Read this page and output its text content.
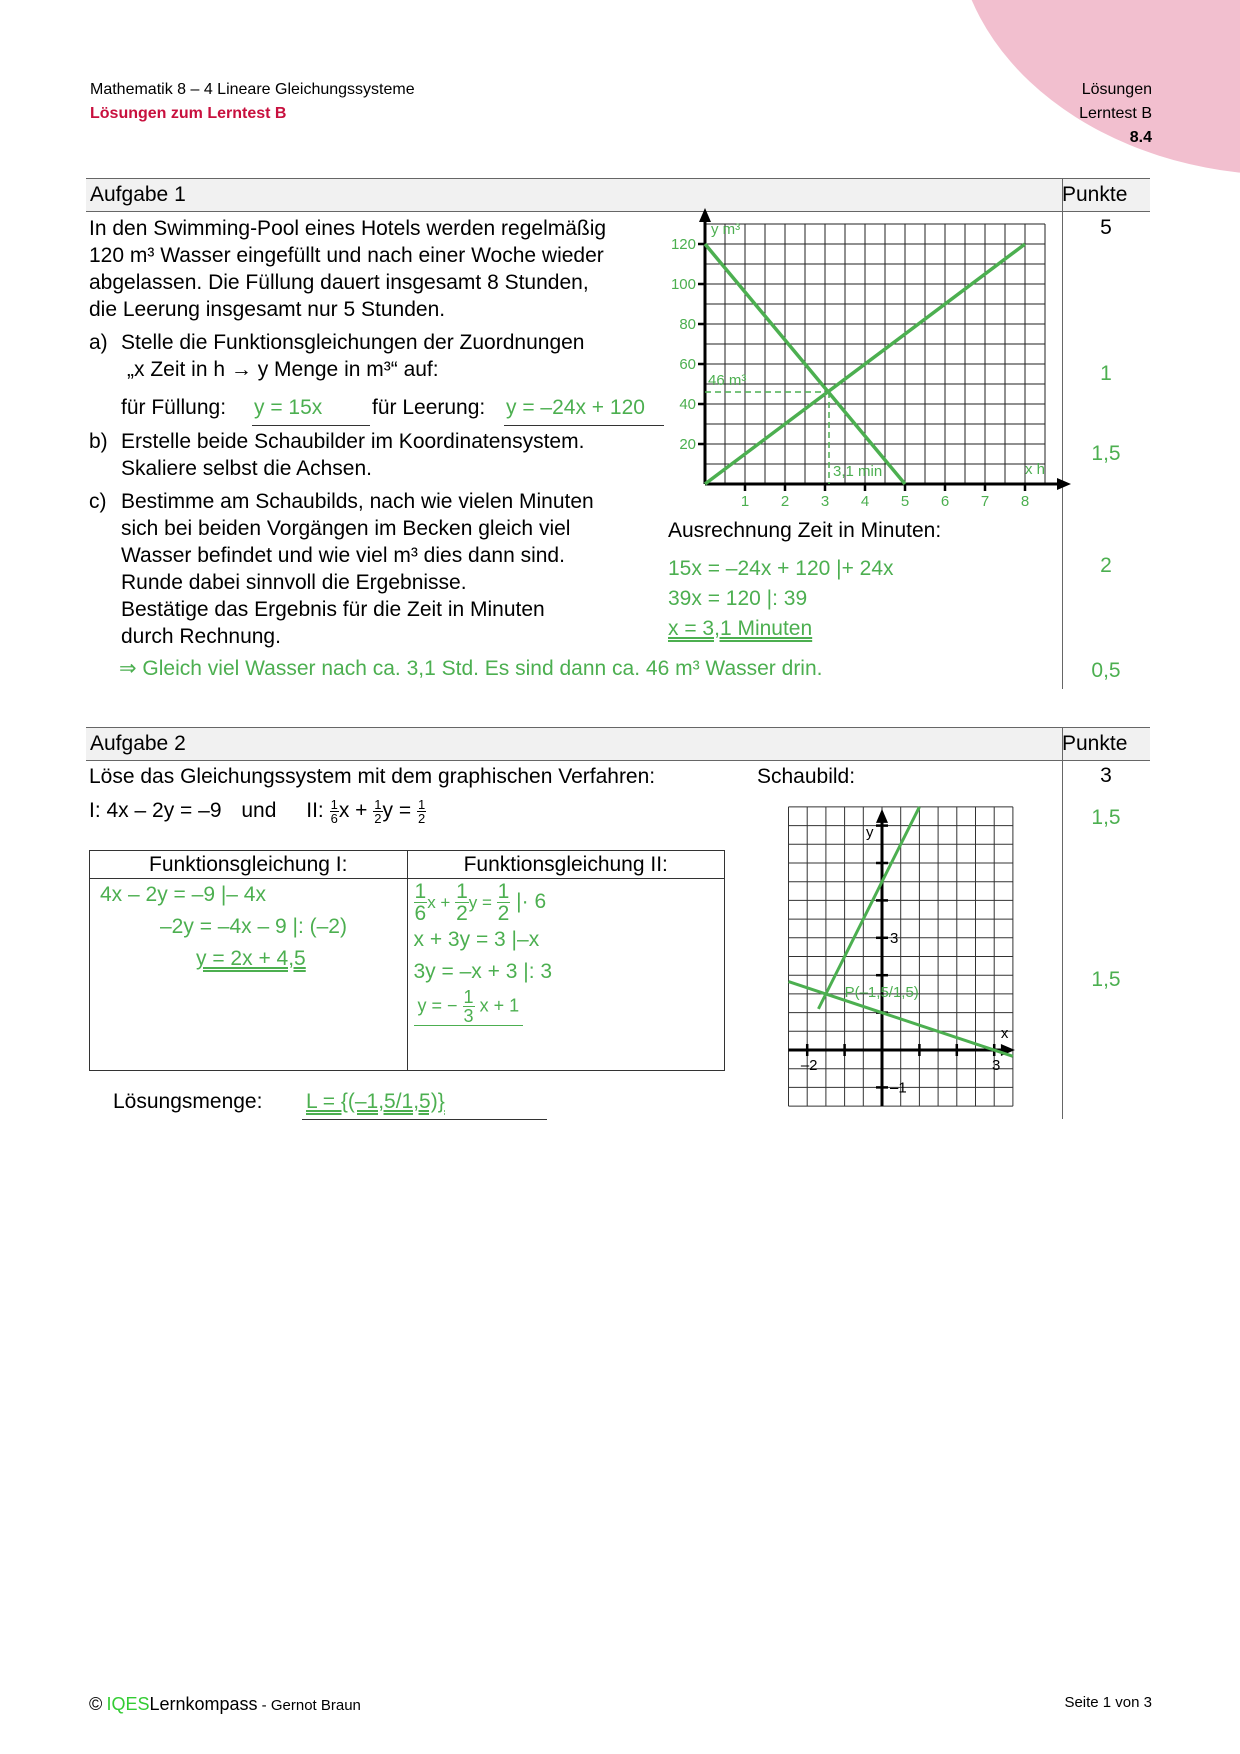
Mathematik 8 – 4 Lineare Gleichungssysteme
Lösungen zum Lerntest B
Lösungen
Lerntest B
8.4
Aufgabe 1	Punkte
In den Swimming-Pool eines Hotels werden regelmäßig
120 m³ Wasser eingefüllt und nach einer Woche wieder
abgelassen. Die Füllung dauert insgesamt 8 Stunden,
die Leerung insgesamt nur 5 Stunden.
a) Stelle die Funktionsgleichungen der Zuordnungen
„x Zeit in h → y Menge in m³“ auf:
für Füllung: y = 15x für Leerung: y = –24x + 120
b) Erstelle beide Schaubilder im Koordinatensystem.
Skaliere selbst die Achsen.
c) Bestimme am Schaubilds, nach wie vielen Minuten
sich bei beiden Vorgängen im Becken gleich viel
Wasser befindet und wie viel m³ dies dann sind.
Runde dabei sinnvoll die Ergebnisse.
Bestätige das Ergebnis für die Zeit in Minuten
durch Rechnung.
1 2 3 4 5 6 7 8
20
40
60
80
100
120
y m³
x h
46 m³
3,1 min
Ausrechnung Zeit in Minuten:
15x = –24x + 120 |+ 24x
39x = 120 |: 39
x = 3,1 Minuten
⇒ Gleich viel Wasser nach ca. 3,1 Std. Es sind dann ca. 46 m³ Wasser drin.
5
1
1,5
2
0,5
Aufgabe 2	Punkte
Löse das Gleichungssystem mit dem graphischen Verfahren:	Schaubild:
I: 4x – 2y = –9 und II: $\frac{1}{6}$ $x + \frac{1}{2}$ $y = \frac{1}{2}$
Funktionsgleichung I:	Funktionsgleichung II:

4x – 2y = –9 |– 4x
–2y = –4x – 9 |: (–2)
y = 2x + 4,5

$\frac{1}{6}$ $x + \frac{1}{2}$ $y = \frac{1}{2}$ |· 6
x + 3y = 3 |–x
3y = –x + 3 |: 3
y = − $\frac{1}{3}$ x + 1
Lösungsmenge: L = {(–1,5/1,5)}
3
1,5
1,5
3
–2
3
–1
y
x
P(–1,5/1,5)
© IQESLernkompass - Gernot Braun	Seite 1 von 3
